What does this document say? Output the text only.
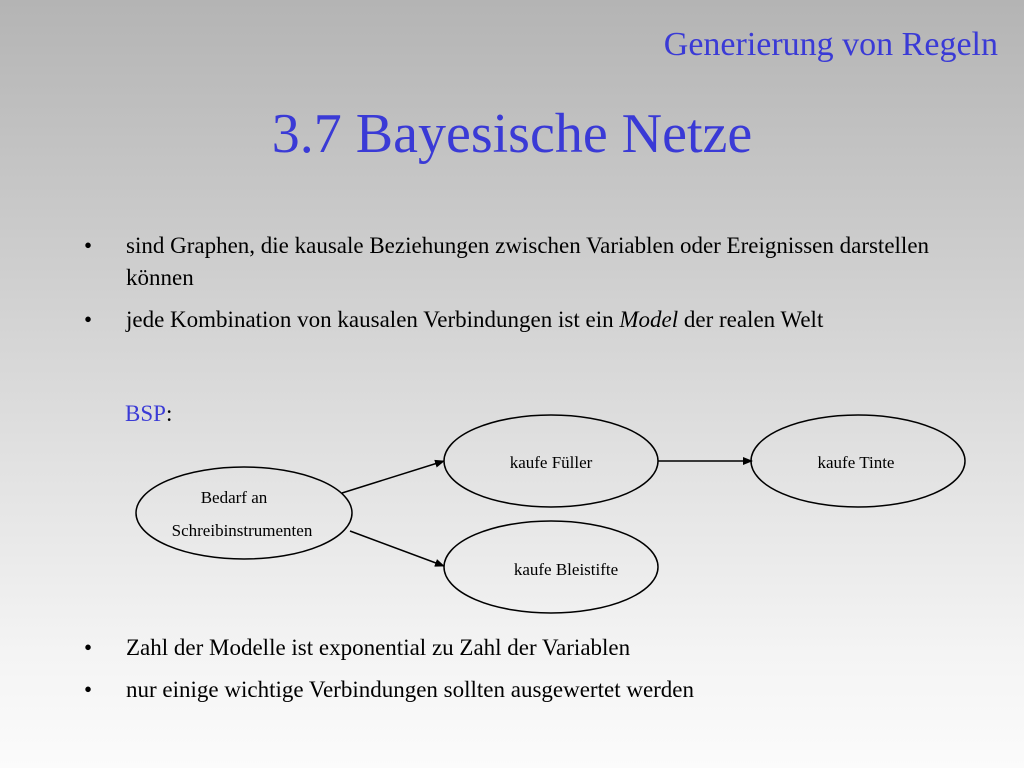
Generierung von Regeln
3.7 Bayesische Netze
• sind Graphen, die kausale Beziehungen zwischen Variablen oder Ereignissen darstellen können
• jede Kombination von kausalen Verbindungen ist ein Model der realen Welt
BSP:
Bedarf an
Schreibinstrumenten
kaufe Füller	kaufe Tinte
kaufe Bleistifte
• Zahl der Modelle ist exponential zu Zahl der Variablen
• nur einige wichtige Verbindungen sollten ausgewertet werden
